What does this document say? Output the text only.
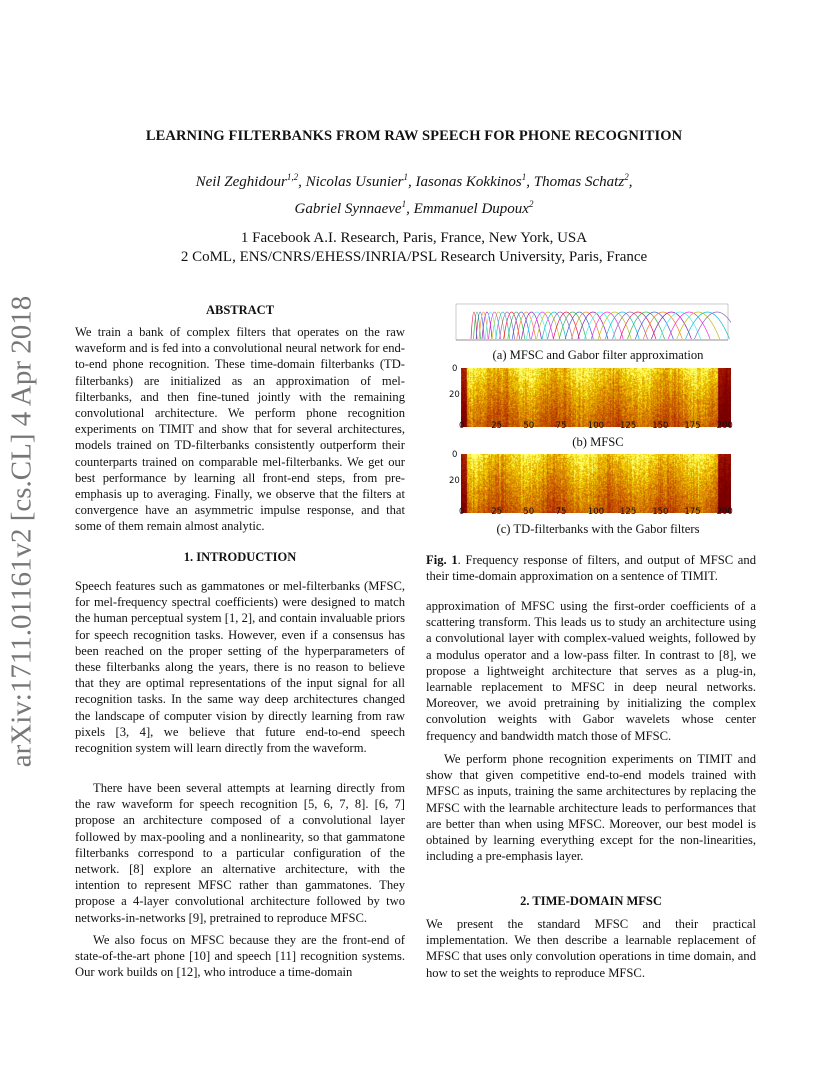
LEARNING FILTERBANKS FROM RAW SPEECH FOR PHONE RECOGNITION
Neil Zeghidour$^{1,2}$, Nicolas Usunier$^1$, Iasonas Kokkinos$^1$, Thomas Schatz$^2$,
Gabriel Synnaeve$^1$, Emmanuel Dupoux$^2$
1 Facebook A.I. Research, Paris, France, New York, USA
2 CoML, ENS/CNRS/EHESS/INRIA/PSL Research University, Paris, France
arXiv:1711.01161v2 [cs.CL] 4 Apr 2018	ABSTRACT
We train a bank of complex filters that operates on the raw waveform and is fed into a convolutional neural network for end-to-end phone recognition. These time-domain filterbanks (TD-filterbanks) are initialized as an approximation of mel-filterbanks, and then fine-tuned jointly with the remaining convolutional architecture. We perform phone recognition experiments on TIMIT and show that for several architectures, models trained on TD-filterbanks consistently outperform their counterparts trained on comparable mel-filterbanks. We get our best performance by learning all front-end steps, from pre-emphasis up to averaging. Finally, we observe that the filters at convergence have an asymmetric impulse response, and that some of them remain almost analytic.
1. INTRODUCTION
Speech features such as gammatones or mel-filterbanks (MFSC, for mel-frequency spectral coefficients) were designed to match the human perceptual system [1, 2], and contain invaluable priors for speech recognition tasks. However, even if a consensus has been reached on the proper setting of the hyperparameters of these filterbanks along the years, there is no reason to believe that they are optimal representations of the input signal for all recognition tasks. In the same way deep architectures changed the landscape of computer vision by directly learning from raw pixels [3, 4], we believe that future end-to-end speech recognition system will learn directly from the waveform.
There have been several attempts at learning directly from the raw waveform for speech recognition [5, 6, 7, 8]. [6, 7] propose an architecture composed of a convolutional layer followed by max-pooling and a nonlinearity, so that gammatone filterbanks correspond to a particular configuration of the network. [8] explore an alternative architecture, with the intention to represent MFSC rather than gammatones. They propose a 4-layer convolutional architecture followed by two networks-in-networks [9], pretrained to reproduce MFSC.
We also focus on MFSC because they are the front-end of state-of-the-art phone [10] and speech [11] recognition systems. Our work builds on [12], who introduce a time-domain
(a) MFSC and Gabor filter approximation
0
20
0	25	50	75	100 125 150 175 200
(b) MFSC
0
20
0	25	50	75	100 125 150 175 200
(c) TD-filterbanks with the Gabor filters
Fig. 1. Frequency response of filters, and output of MFSC and their time-domain approximation on a sentence of TIMIT.
approximation of MFSC using the first-order coefficients of a scattering transform. This leads us to study an architecture using a convolutional layer with complex-valued weights, followed by a modulus operator and a low-pass filter. In contrast to [8], we propose a lightweight architecture that serves as a plug-in, learnable replacement to MFSC in deep neural networks. Moreover, we avoid pretraining by initializing the complex convolution weights with Gabor wavelets whose center frequency and bandwidth match those of MFSC.
We perform phone recognition experiments on TIMIT and show that given competitive end-to-end models trained with MFSC as inputs, training the same architectures by replacing the MFSC with the learnable architecture leads to performances that are better than when using MFSC. Moreover, our best model is obtained by learning everything except for the non-linearities, including a pre-emphasis layer.
2. TIME-DOMAIN MFSC
We present the standard MFSC and their practical implementation. We then describe a learnable replacement of MFSC that uses only convolution operations in time domain, and how to set the weights to reproduce MFSC.
